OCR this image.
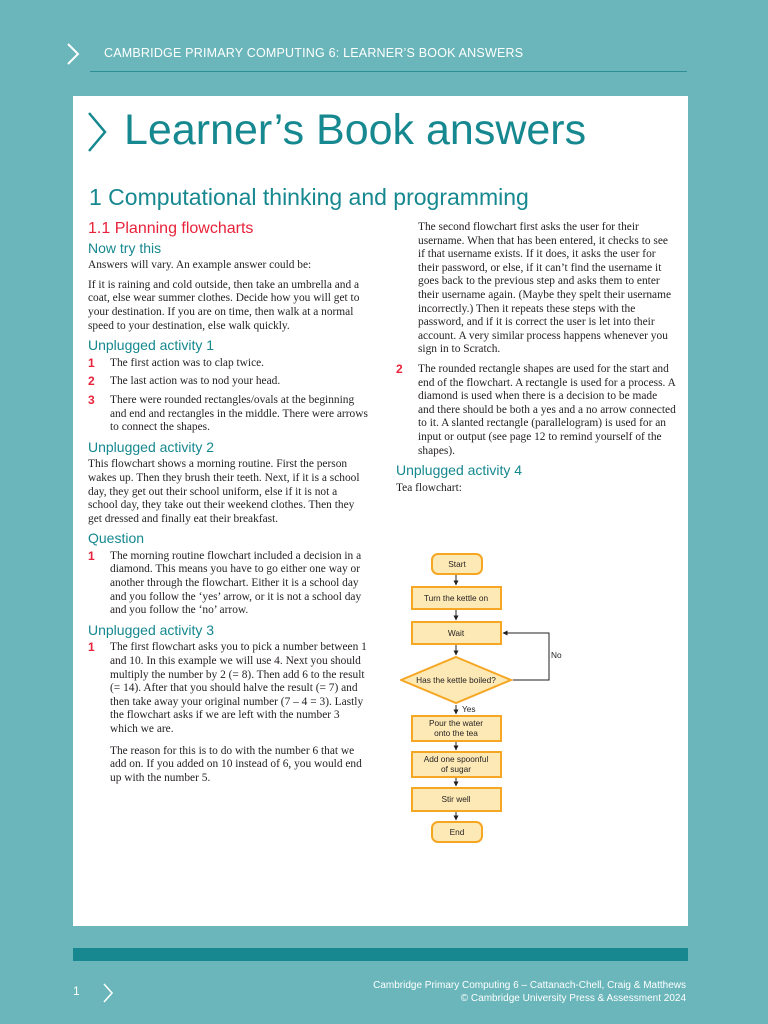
CAMBRIDGE PRIMARY COMPUTING 6: LEARNER’S BOOK ANSWERS
Learner’s Book answers
1 Computational thinking and programming
1.1 Planning flowcharts
Now try this

Answers will vary. An example answer could be:

If it is raining and cold outside, then take an umbrella and a coat, else wear summer clothes. Decide how you will get to your destination. If you are on time, then walk at a normal speed to your destination, else walk quickly.

Unplugged activity 1
1	The first action was to clap twice.

2	The last action was to nod your head.

3	There were rounded rectangles/ovals at the beginning and end and rectangles in the middle. There were arrows to connect the shapes.

Unplugged activity 2

This flowchart shows a morning routine. First the person wakes up. Then they brush their teeth. Next, if it is a school day, they get out their school uniform, else if it is not a school day, they take out their weekend clothes. Then they get dressed and finally eat their breakfast.

Question
1	The morning routine flowchart included a decision in a diamond. This means you have to go either one way or another through the flowchart. Either it is a school day and you follow the ‘yes’ arrow, or it is not a school day and you follow the ‘no’ arrow.

Unplugged activity 3
1	The first flowchart asks you to pick a number between 1 and 10. In this example we will use 4. Next you should multiply the number by 2 (= 8). Then add 6 to the result (= 14). After that you should halve the result (= 7) and then take away your original number (7 – 4 = 3). Lastly the flowchart asks if we are left with the number 3 which we are.

The reason for this is to do with the number 6 that we add on. If you added on 10 instead of 6, you would end up with the number 5.

The second flowchart first asks the user for their username. When that has been entered, it checks to see if that username exists. If it does, it asks the user for their password, or else, if it can’t find the username it goes back to the previous step and asks them to enter their username again. (Maybe they spelt their username incorrectly.) Then it repeats these steps with the password, and if it is correct the user is let into their account. A very similar process happens whenever you sign in to Scratch.

2	The rounded rectangle shapes are used for the start and end of the flowchart. A rectangle is used for a process. A diamond is used when there is a decision to be made and there should be both a yes and a no arrow connected to it. A slanted rectangle (parallelogram) is used for an input or output (see page 12 to remind yourself of the shapes).

Unplugged activity 4

Tea flowchart:

Start
Turn the kettle on
Wait
Has the kettle boiled?
No
Yes
Pour the water
onto the tea
Add one spoonful
of sugar
Stir well
End
1	Cambridge Primary Computing 6 – Cattanach-Chell, Craig & Matthews
© Cambridge University Press & Assessment 2024
